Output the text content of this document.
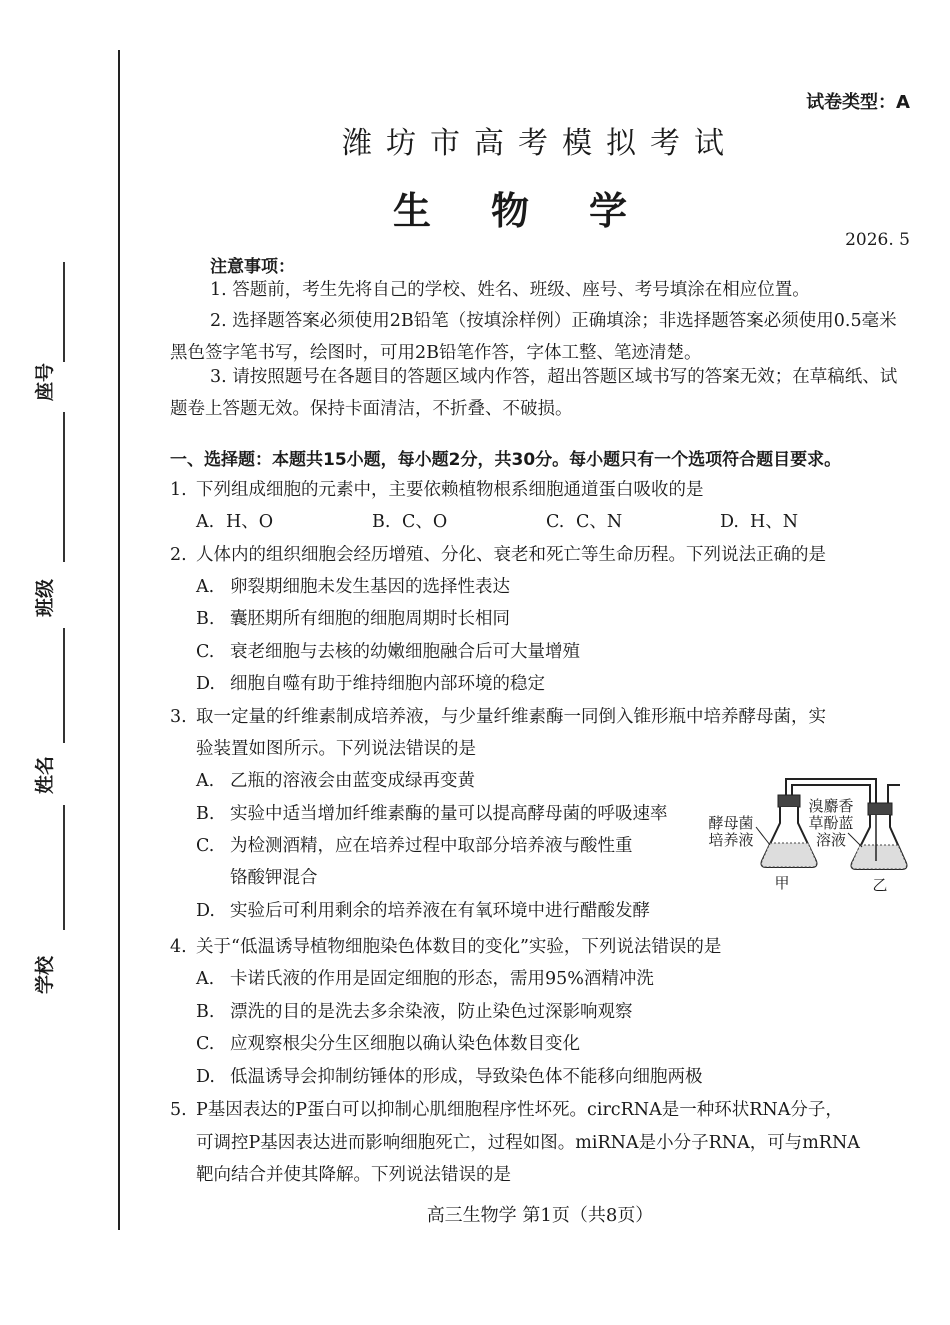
座号
班级
姓名
学校
试卷类型：A
潍坊市高考模拟考试
生物学
2026. 5
注意事项：
1. 答题前，考生先将自己的学校、姓名、班级、座号、考号填涂在相应位置。
2. 选择题答案必须使用2B铅笔（按填涂样例）正确填涂；非选择题答案必须使用0.5毫米黑色签字笔书写，绘图时，可用2B铅笔作答，字体工整、笔迹清楚。
3. 请按照题号在各题目的答题区域内作答，超出答题区域书写的答案无效；在草稿纸、试题卷上答题无效。保持卡面清洁，不折叠、不破损。
一、选择题：本题共15小题，每小题2分，共30分。每小题只有一个选项符合题目要求。
1. 下列组成细胞的元素中，主要依赖植物根系细胞通道蛋白吸收的是
A. H、O	B. C、O	C. C、N	D. H、N
2. 人体内的组织细胞会经历增殖、分化、衰老和死亡等生命历程。下列说法正确的是
A. 卵裂期细胞未发生基因的选择性表达
B. 囊胚期所有细胞的细胞周期时长相同
C. 衰老细胞与去核的幼嫩细胞融合后可大量增殖
D. 细胞自噬有助于维持细胞内部环境的稳定
3. 取一定量的纤维素制成培养液，与少量纤维素酶一同倒入锥形瓶中培养酵母菌，实
验装置如图所示。下列说法错误的是
A. 乙瓶的溶液会由蓝变成绿再变黄
B. 实验中适当增加纤维素酶的量可以提高酵母菌的呼吸速率
C. 为检测酒精，应在培养过程中取部分培养液与酸性重
铬酸钾混合
D. 实验后可利用剩余的培养液在有氧环境中进行醋酸发酵
酵母菌
培养液
溴麝香
草酚蓝
溶液
甲	乙
4. 关于“低温诱导植物细胞染色体数目的变化”实验，下列说法错误的是
A. 卡诺氏液的作用是固定细胞的形态，需用95%酒精冲洗
B. 漂洗的目的是洗去多余染液，防止染色过深影响观察
C. 应观察根尖分生区细胞以确认染色体数目变化
D. 低温诱导会抑制纺锤体的形成，导致染色体不能移向细胞两极
5. P基因表达的P蛋白可以抑制心肌细胞程序性坏死。circRNA是一种环状RNA分子，
可调控P基因表达进而影响细胞死亡，过程如图。miRNA是小分子RNA，可与mRNA
靶向结合并使其降解。下列说法错误的是
高三生物学 第1页（共8页）
